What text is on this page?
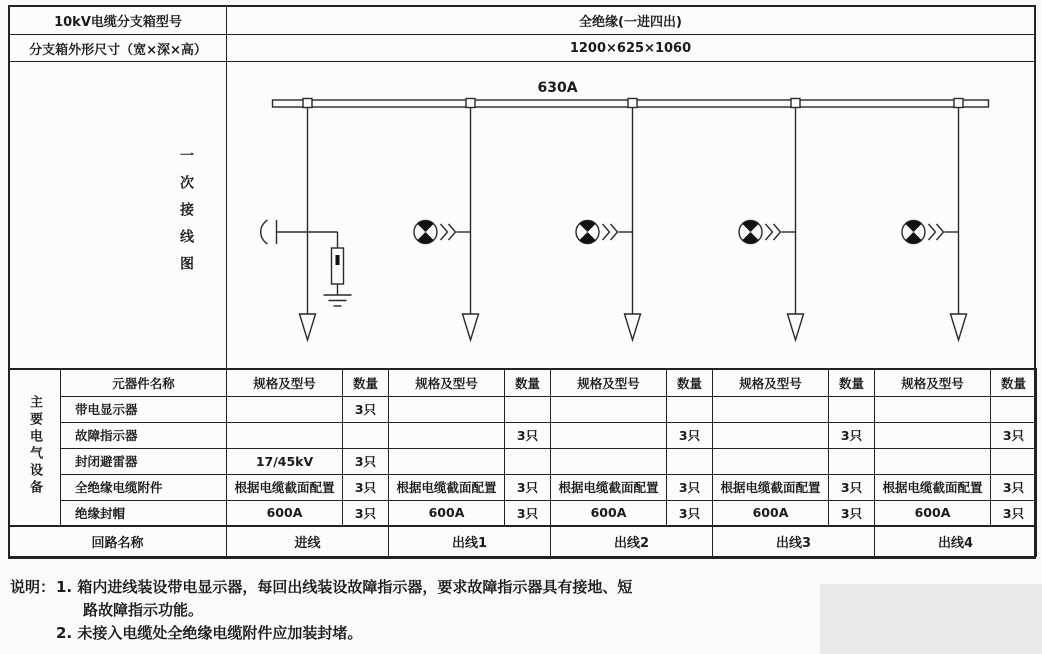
10kV电缆分支箱型号	全绝缘(一进四出)
分支箱外形尺寸（宽×深×高）	1200×625×1060
一次接线图
630A
主要电气设备	元器件名称	规格及型号	数量	规格及型号	数量	规格及型号	数量	规格及型号	数量	规格及型号	数量
	带电显示器		3只								
	故障指示器				3只		3只		3只		3只
	封闭避雷器	17/45kV	3只								
	全绝缘电缆附件	根据电缆截面配置	3只	根据电缆截面配置	3只	根据电缆截面配置	3只	根据电缆截面配置	3只	根据电缆截面配置	3只
	绝缘封帽	600A	3只	600A	3只	600A	3只	600A	3只	600A	3只
回路名称		进线		出线1		出线2		出线3		出线4	
说明： 1. 箱内进线装设带电显示器，每回出线装设故障指示器，要求故障指示器具有接地、短
路故障指示功能。
2. 未接入电缆处全绝缘电缆附件应加装封堵。
